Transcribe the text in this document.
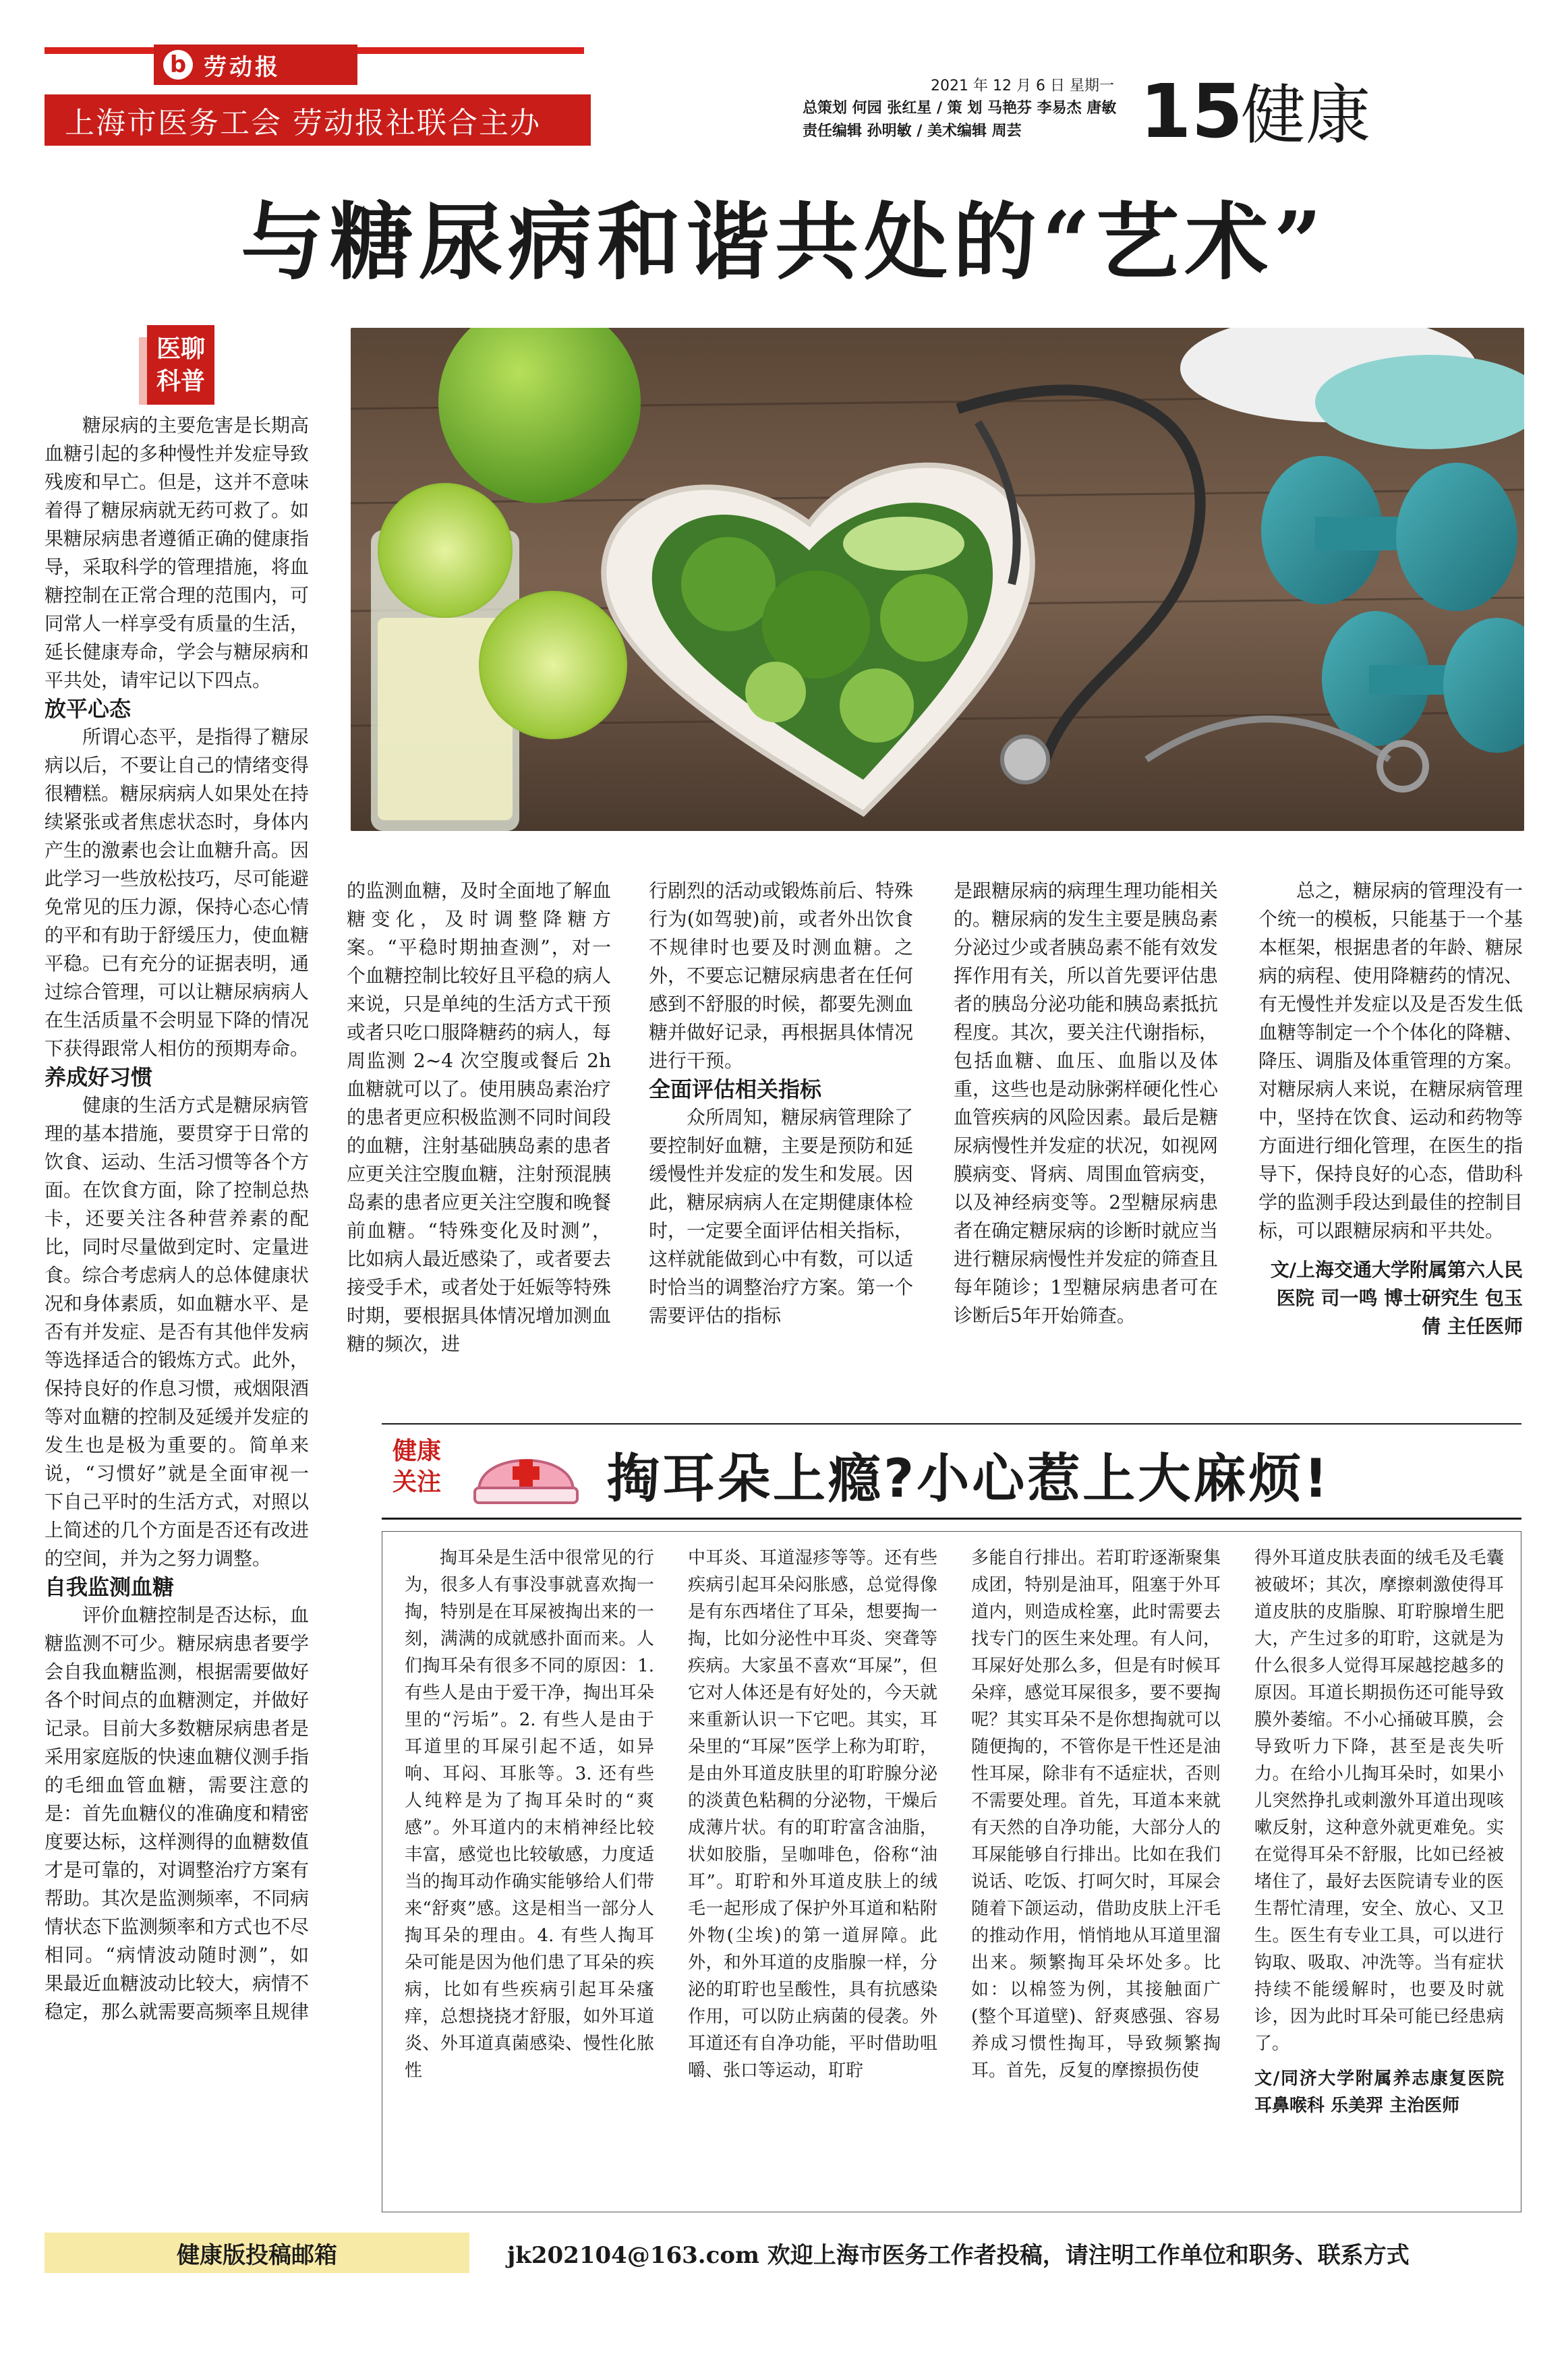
b 劳动报
上海市医务工会 劳动报社联合主办
2021 年 12 月 6 日 星期一
总策划 何园 张红星 / 策 划 马艳芬 李易杰 唐敏
责任编辑 孙明敏 / 美术编辑 周芸	15
健康
与糖尿病和谐共处的“艺术”
医聊
科普

糖尿病的主要危害是长期高血糖引起的多种慢性并发症导致残废和早亡。但是，这并不意味着得了糖尿病就无药可救了。如果糖尿病患者遵循正确的健康指导，采取科学的管理措施，将血糖控制在正常合理的范围内，可同常人一样享受有质量的生活，延长健康寿命，学会与糖尿病和平共处，请牢记以下四点。

放平心态

所谓心态平，是指得了糖尿病以后，不要让自己的情绪变得很糟糕。糖尿病病人如果处在持续紧张或者焦虑状态时，身体内产生的激素也会让血糖升高。因此学习一些放松技巧，尽可能避免常见的压力源，保持心态心情的平和有助于舒缓压力，使血糖平稳。已有充分的证据表明，通过综合管理，可以让糖尿病病人在生活质量不会明显下降的情况下获得跟常人相仿的预期寿命。

养成好习惯

健康的生活方式是糖尿病管理的基本措施，要贯穿于日常的饮食、运动、生活习惯等各个方面。在饮食方面，除了控制总热卡，还要关注各种营养素的配比，同时尽量做到定时、定量进食。综合考虑病人的总体健康状况和身体素质，如血糖水平、是否有并发症、是否有其他伴发病等选择适合的锻炼方式。此外，保持良好的作息习惯，戒烟限酒等对血糖的控制及延缓并发症的发生也是极为重要的。简单来说，“习惯好”就是全面审视一下自己平时的生活方式，对照以上简述的几个方面是否还有改进的空间，并为之努力调整。

自我监测血糖

评价血糖控制是否达标，血糖监测不可少。糖尿病患者要学会自我血糖监测，根据需要做好各个时间点的血糖测定，并做好记录。目前大多数糖尿病患者是采用家庭版的快速血糖仪测手指的毛细血管血糖，需要注意的是：首先血糖仪的准确度和精密度要达标，这样测得的血糖数值才是可靠的，对调整治疗方案有帮助。其次是监测频率，不同病情状态下监测频率和方式也不尽相同。“病情波动随时测”，如果最近血糖波动比较大，病情不稳定，那么就需要高频率且规律

的监测血糖，及时全面地了解血糖变化，及时调整降糖方案。“平稳时期抽查测”，对一个血糖控制比较好且平稳的病人来说，只是单纯的生活方式干预或者只吃口服降糖药的病人，每周监测 2~4 次空腹或餐后 2h 血糖就可以了。使用胰岛素治疗的患者更应积极监测不同时间段的血糖，注射基础胰岛素的患者应更关注空腹血糖，注射预混胰岛素的患者应更关注空腹和晚餐前血糖。“特殊变化及时测”，比如病人最近感染了，或者要去接受手术，或者处于妊娠等特殊时期，要根据具体情况增加测血糖的频次，进

行剧烈的活动或锻炼前后、特殊行为(如驾驶)前，或者外出饮食不规律时也要及时测血糖。之外，不要忘记糖尿病患者在任何感到不舒服的时候，都要先测血糖并做好记录，再根据具体情况进行干预。

全面评估相关指标

众所周知，糖尿病管理除了要控制好血糖，主要是预防和延缓慢性并发症的发生和发展。因此，糖尿病病人在定期健康体检时，一定要全面评估相关指标，这样就能做到心中有数，可以适时恰当的调整治疗方案。第一个需要评估的指标

是跟糖尿病的病理生理功能相关的。糖尿病的发生主要是胰岛素分泌过少或者胰岛素不能有效发挥作用有关，所以首先要评估患者的胰岛分泌功能和胰岛素抵抗程度。其次，要关注代谢指标，包括血糖、血压、血脂以及体重，这些也是动脉粥样硬化性心血管疾病的风险因素。最后是糖尿病慢性并发症的状况，如视网膜病变、肾病、周围血管病变，以及神经病变等。2型糖尿病患者在确定糖尿病的诊断时就应当进行糖尿病慢性并发症的筛查且每年随诊；1型糖尿病患者可在诊断后5年开始筛查。

总之，糖尿病的管理没有一个统一的模板，只能基于一个基本框架，根据患者的年龄、糖尿病的病程、使用降糖药的情况、有无慢性并发症以及是否发生低血糖等制定一个个体化的降糖、降压、调脂及体重管理的方案。对糖尿病人来说，在糖尿病管理中，坚持在饮食、运动和药物等方面进行细化管理，在医生的指导下，保持良好的心态，借助科学的监测手段达到最佳的控制目标，可以跟糖尿病和平共处。

文/上海交通大学附属第六人民医院 司一鸣 博士研究生 包玉倩 主任医师

健康
关注	掏耳朵上瘾?小心惹上大麻烦!

掏耳朵是生活中很常见的行为，很多人有事没事就喜欢掏一掏，特别是在耳屎被掏出来的一刻，满满的成就感扑面而来。人们掏耳朵有很多不同的原因：1.有些人是由于爱干净，掏出耳朵里的“污垢”。2. 有些人是由于耳道里的耳屎引起不适，如异响、耳闷、耳胀等。3. 还有些人纯粹是为了掏耳朵时的“爽感”。外耳道内的末梢神经比较丰富，感觉也比较敏感，力度适当的掏耳动作确实能够给人们带来“舒爽”感。这是相当一部分人掏耳朵的理由。4. 有些人掏耳朵可能是因为他们患了耳朵的疾病，比如有些疾病引起耳朵瘙痒，总想挠挠才舒服，如外耳道炎、外耳道真菌感染、慢性化脓性

中耳炎、耳道湿疹等等。还有些疾病引起耳朵闷胀感，总觉得像是有东西堵住了耳朵，想要掏一掏，比如分泌性中耳炎、突聋等疾病。大家虽不喜欢“耳屎”，但它对人体还是有好处的，今天就来重新认识一下它吧。其实，耳朵里的“耳屎”医学上称为耵聍，是由外耳道皮肤里的耵聍腺分泌的淡黄色粘稠的分泌物，干燥后成薄片状。有的耵聍富含油脂，状如胶脂，呈咖啡色，俗称“油耳”。耵聍和外耳道皮肤上的绒毛一起形成了保护外耳道和粘附外物(尘埃)的第一道屏障。此外，和外耳道的皮脂腺一样，分泌的耵聍也呈酸性，具有抗感染作用，可以防止病菌的侵袭。外耳道还有自净功能，平时借助咀嚼、张口等运动，耵聍

多能自行排出。若耵聍逐渐聚集成团，特别是油耳，阻塞于外耳道内，则造成栓塞，此时需要去找专门的医生来处理。有人问，耳屎好处那么多，但是有时候耳朵痒，感觉耳屎很多，要不要掏呢？其实耳朵不是你想掏就可以随便掏的，不管你是干性还是油性耳屎，除非有不适症状，否则不需要处理。首先，耳道本来就有天然的自净功能，大部分人的耳屎能够自行排出。比如在我们说话、吃饭、打呵欠时，耳屎会随着下颌运动，借助皮肤上汗毛的推动作用，悄悄地从耳道里溜出来。频繁掏耳朵坏处多。比如：以棉签为例，其接触面广(整个耳道壁)、舒爽感强、容易养成习惯性掏耳，导致频繁掏耳。首先，反复的摩擦损伤使

得外耳道皮肤表面的绒毛及毛囊被破坏；其次，摩擦刺激使得耳道皮肤的皮脂腺、耵聍腺增生肥大，产生过多的耵聍，这就是为什么很多人觉得耳屎越挖越多的原因。耳道长期损伤还可能导致膜外萎缩。不小心捅破耳膜，会导致听力下降，甚至是丧失听力。在给小儿掏耳朵时，如果小儿突然挣扎或刺激外耳道出现咳嗽反射，这种意外就更难免。实在觉得耳朵不舒服，比如已经被堵住了，最好去医院请专业的医生帮忙清理，安全、放心、又卫生。医生有专业工具，可以进行钩取、吸取、冲洗等。当有症状持续不能缓解时，也要及时就诊，因为此时耳朵可能已经患病了。

文/同济大学附属养志康复医院 耳鼻喉科 乐美羿 主治医师

健康版投稿邮箱	jk202104@163.com 欢迎上海市医务工作者投稿，请注明工作单位和职务、联系方式
